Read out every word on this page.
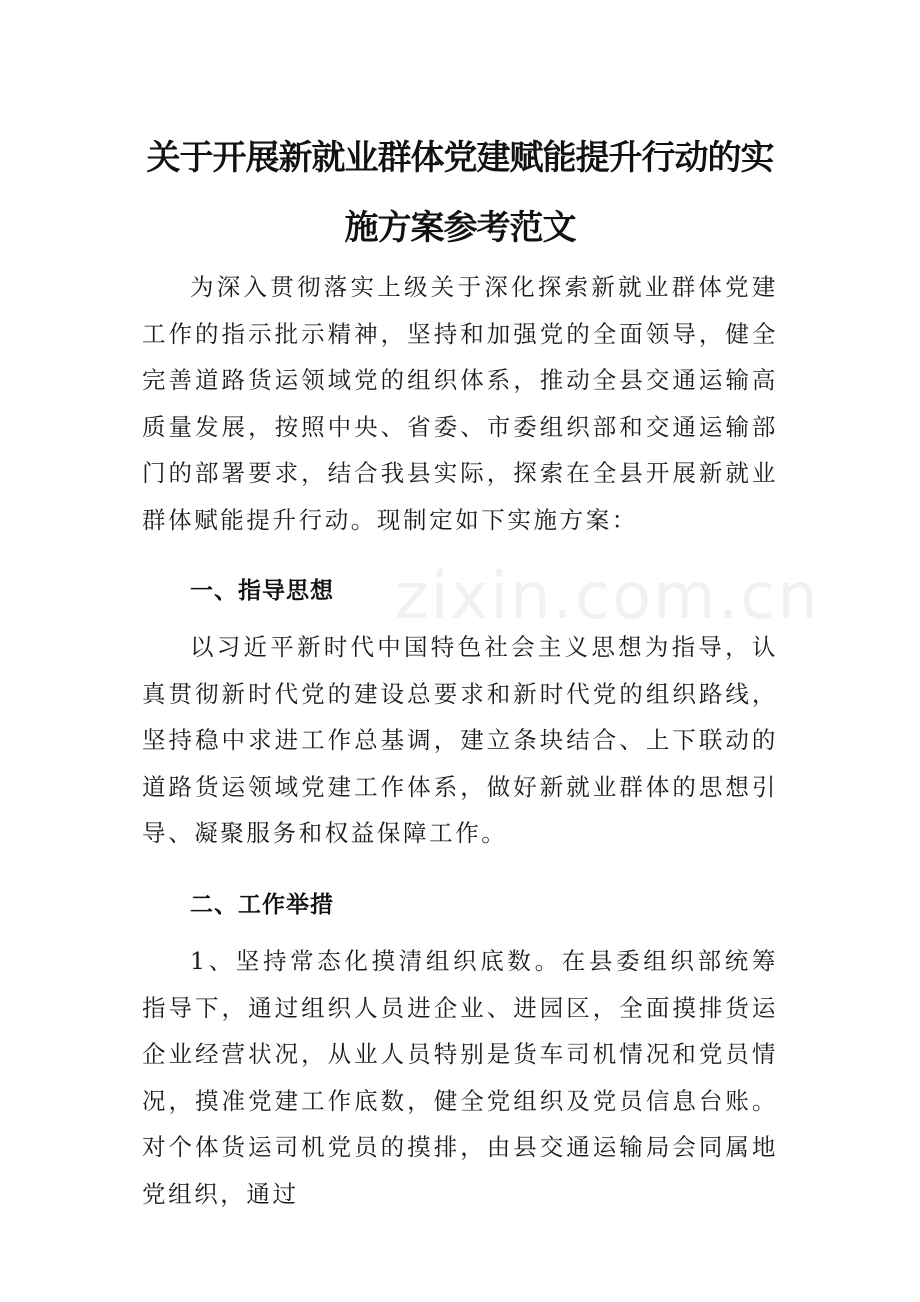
关于开展新就业群体党建赋能提升行动的实
施方案参考范文

为深入贯彻落实上级关于深化探索新就业群体党建工作的指示批示精神，坚持和加强党的全面领导，健全完善道路货运领域党的组织体系，推动全县交通运输高质量发展，按照中央、省委、市委组织部和交通运输部门的部署要求，结合我县实际，探索在全县开展新就业群体赋能提升行动。现制定如下实施方案：

一、指导思想

以习近平新时代中国特色社会主义思想为指导，认真贯彻新时代党的建设总要求和新时代党的组织路线，坚持稳中求进工作总基调，建立条块结合、上下联动的道路货运领域党建工作体系，做好新就业群体的思想引导、凝聚服务和权益保障工作。

二、工作举措

1、坚持常态化摸清组织底数。在县委组织部统筹指导下，通过组织人员进企业、进园区，全面摸排货运企业经营状况，从业人员特别是货车司机情况和党员情况，摸准党建工作底数，健全党组织及党员信息台账。对个体货运司机党员的摸排，由县交通运输局会同属地党组织，通过

zixin.com.cn
